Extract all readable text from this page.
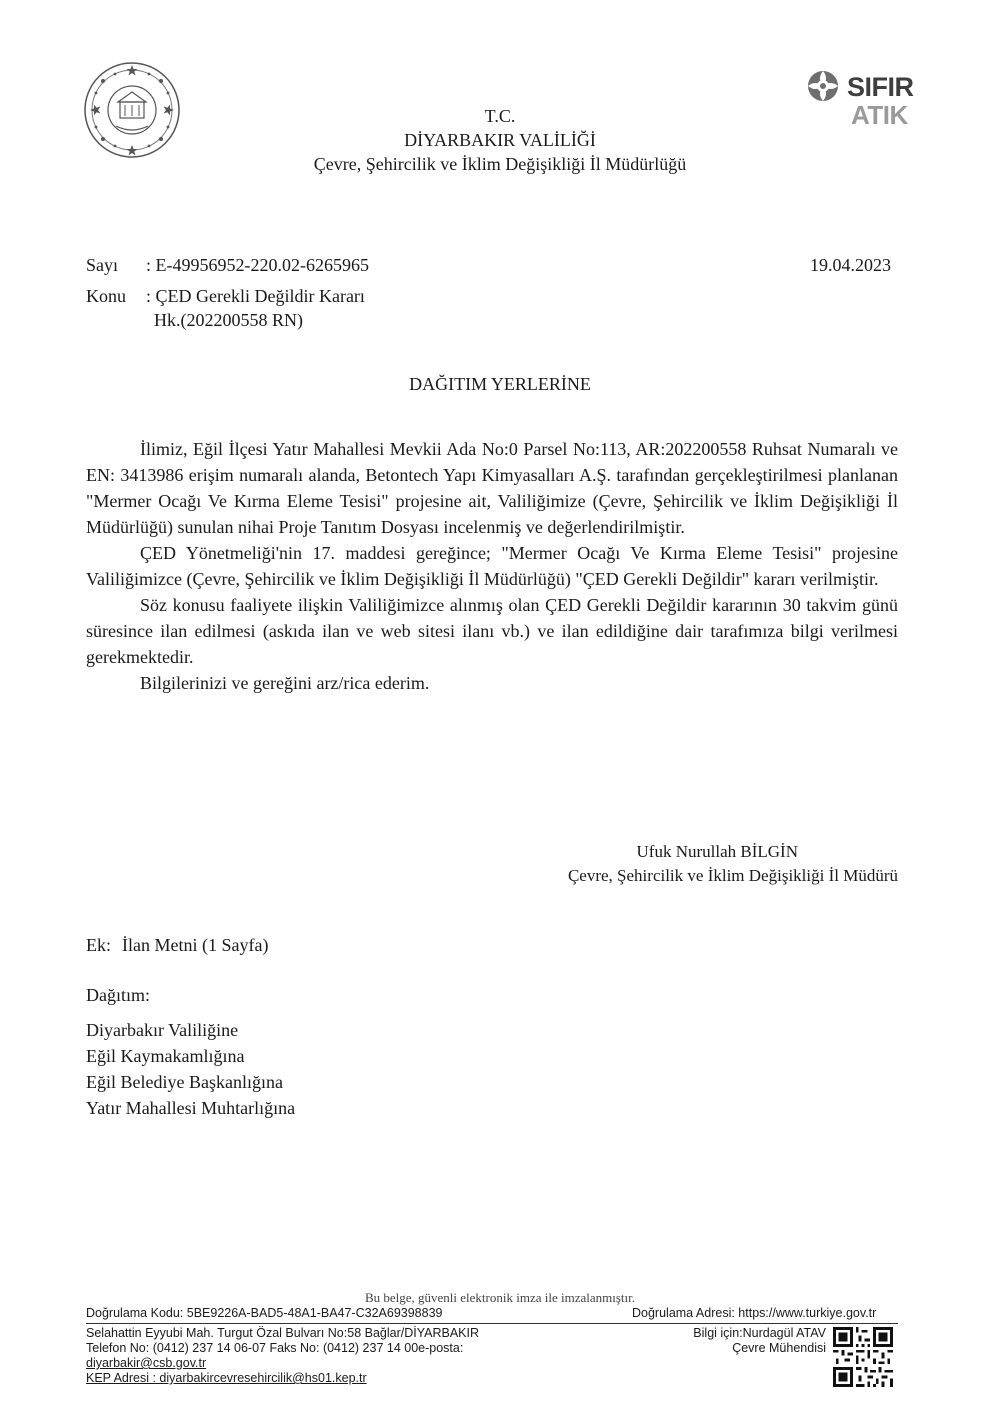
SIFIR
ATIK
T.C.
DİYARBAKIR VALİLİĞİ
Çevre, Şehircilik ve İklim Değişikliği İl Müdürlüğü
Sayı : E-49956952-220.02-6265965	19.04.2023
Konu : ÇED Gerekli Değildir Kararı
Hk.(202200558 RN)
DAĞITIM YERLERİNE

İlimiz, Eğil İlçesi Yatır Mahallesi Mevkii Ada No:0 Parsel No:113, AR:202200558 Ruhsat Numaralı ve EN: 3413986 erişim numaralı alanda, Betontech Yapı Kimyasalları A.Ş. tarafından gerçekleştirilmesi planlanan "Mermer Ocağı Ve Kırma Eleme Tesisi" projesine ait, Valiliğimize (Çevre, Şehircilik ve İklim Değişikliği İl Müdürlüğü) sunulan nihai Proje Tanıtım Dosyası incelenmiş ve değerlendirilmiştir.

ÇED Yönetmeliği'nin 17. maddesi gereğince; "Mermer Ocağı Ve Kırma Eleme Tesisi" projesine Valiliğimizce (Çevre, Şehircilik ve İklim Değişikliği İl Müdürlüğü) "ÇED Gerekli Değildir" kararı verilmiştir.

Söz konusu faaliyete ilişkin Valiliğimizce alınmış olan ÇED Gerekli Değildir kararının 30 takvim günü süresince ilan edilmesi (askıda ilan ve web sitesi ilanı vb.) ve ilan edildiğine dair tarafımıza bilgi verilmesi gerekmektedir.

Bilgilerinizi ve gereğini arz/rica ederim.

Ufuk Nurullah BİLGİN
Çevre, Şehircilik ve İklim Değişikliği İl Müdürü
Ek: İlan Metni (1 Sayfa)
Dağıtım:
Diyarbakır Valiliğine
Eğil Kaymakamlığına
Eğil Belediye Başkanlığına
Yatır Mahallesi Muhtarlığına
Bu belge, güvenli elektronik imza ile imzalanmıştır.
Doğrulama Kodu: 5BE9226A-BAD5-48A1-BA47-C32A69398839	Doğrulama Adresi: https://www.turkiye.gov.tr
Selahattin Eyyubi Mah. Turgut Özal Bulvarı No:58 Bağlar/DİYARBAKIR
Telefon No: (0412) 237 14 06-07 Faks No: (0412) 237 14 00e-posta:
diyarbakir@csb.gov.tr
KEP Adresi : diyarbakircevresehircilik@hs01.kep.tr
Bilgi için:Nurdagül ATAV
Çevre Mühendisi
